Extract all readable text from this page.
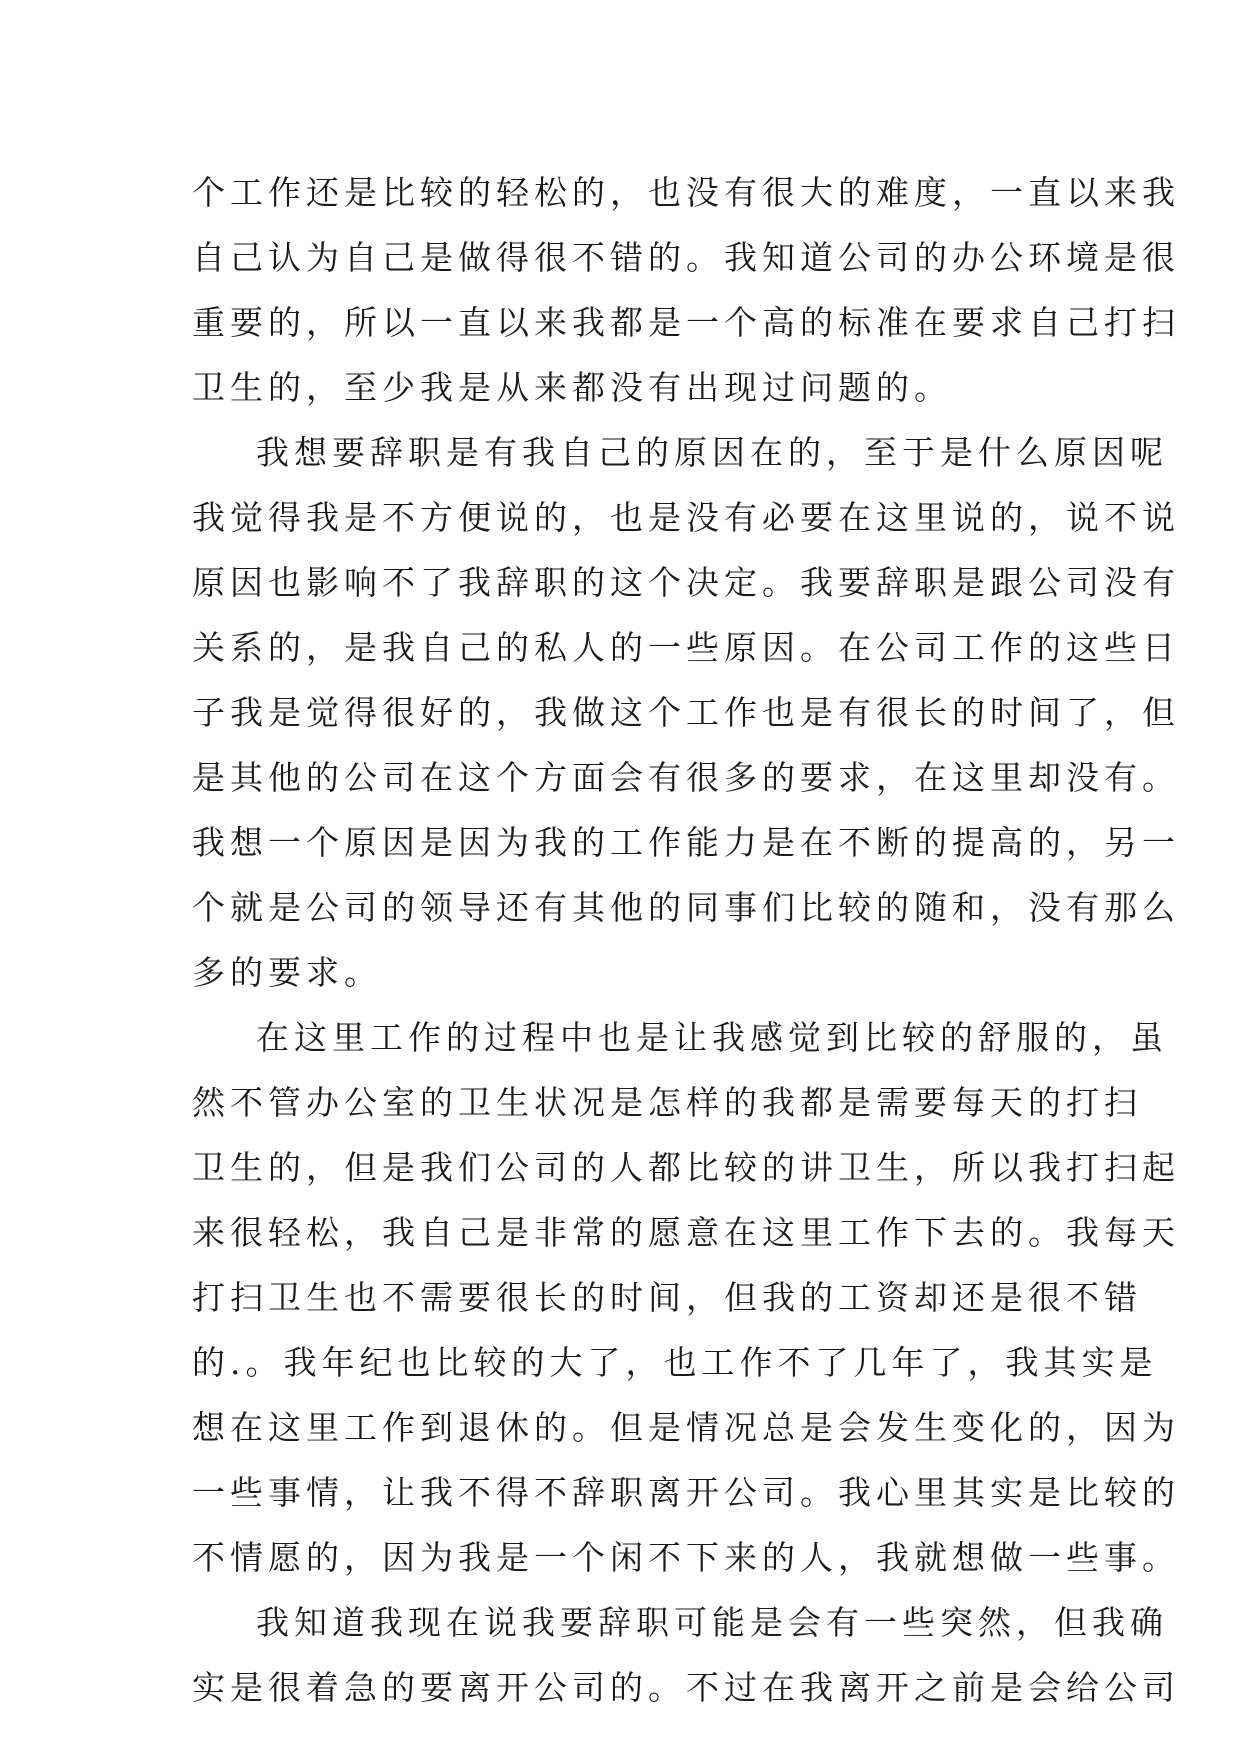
个工作还是比较的轻松的，也没有很大的难度，一直以来我
自己认为自己是做得很不错的。我知道公司的办公环境是很
重要的，所以一直以来我都是一个高的标准在要求自己打扫
卫生的，至少我是从来都没有出现过问题的。
我想要辞职是有我自己的原因在的，至于是什么原因呢
我觉得我是不方便说的，也是没有必要在这里说的，说不说
原因也影响不了我辞职的这个决定。我要辞职是跟公司没有
关系的，是我自己的私人的一些原因。在公司工作的这些日
子我是觉得很好的，我做这个工作也是有很长的时间了，但
是其他的公司在这个方面会有很多的要求，在这里却没有。
我想一个原因是因为我的工作能力是在不断的提高的，另一
个就是公司的领导还有其他的同事们比较的随和，没有那么
多的要求。
在这里工作的过程中也是让我感觉到比较的舒服的，虽
然不管办公室的卫生状况是怎样的我都是需要每天的打扫
卫生的，但是我们公司的人都比较的讲卫生，所以我打扫起
来很轻松，我自己是非常的愿意在这里工作下去的。我每天
打扫卫生也不需要很长的时间，但我的工资却还是很不错
的.。我年纪也比较的大了，也工作不了几年了，我其实是
想在这里工作到退休的。但是情况总是会发生变化的，因为
一些事情，让我不得不辞职离开公司。我心里其实是比较的
不情愿的，因为我是一个闲不下来的人，我就想做一些事。
我知道我现在说我要辞职可能是会有一些突然，但我确
实是很着急的要离开公司的。不过在我离开之前是会给公司
